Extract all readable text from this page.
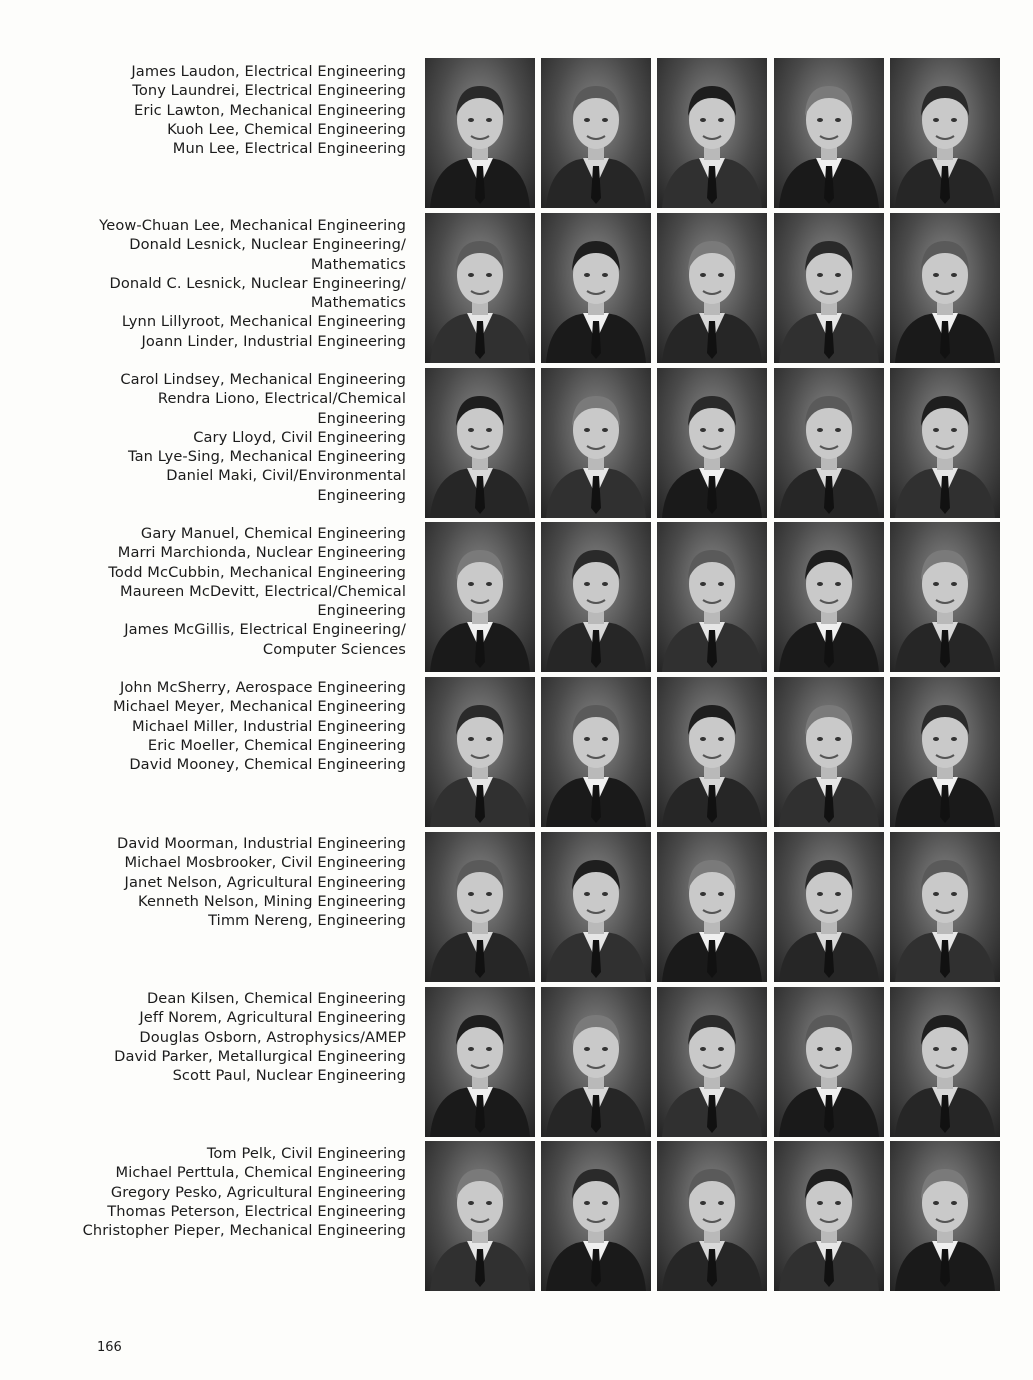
James Laudon, Electrical Engineering
Tony Laundrei, Electrical Engineering
Eric Lawton, Mechanical Engineering
Kuoh Lee, Chemical Engineering
Mun Lee, Electrical Engineering
Yeow-Chuan Lee, Mechanical Engineering
Donald Lesnick, Nuclear Engineering/
Mathematics
Donald C. Lesnick, Nuclear Engineering/
Mathematics
Lynn Lillyroot, Mechanical Engineering
Joann Linder, Industrial Engineering
Carol Lindsey, Mechanical Engineering
Rendra Liono, Electrical/Chemical
Engineering
Cary Lloyd, Civil Engineering
Tan Lye-Sing, Mechanical Engineering
Daniel Maki, Civil/Environmental
Engineering
Gary Manuel, Chemical Engineering
Marri Marchionda, Nuclear Engineering
Todd McCubbin, Mechanical Engineering
Maureen McDevitt, Electrical/Chemical
Engineering
James McGillis, Electrical Engineering/
Computer Sciences
John McSherry, Aerospace Engineering
Michael Meyer, Mechanical Engineering
Michael Miller, Industrial Engineering
Eric Moeller, Chemical Engineering
David Mooney, Chemical Engineering
David Moorman, Industrial Engineering
Michael Mosbrooker, Civil Engineering
Janet Nelson, Agricultural Engineering
Kenneth Nelson, Mining Engineering
Timm Nereng, Engineering
Dean Kilsen, Chemical Engineering
Jeff Norem, Agricultural Engineering
Douglas Osborn, Astrophysics/AMEP
David Parker, Metallurgical Engineering
Scott Paul, Nuclear Engineering
Tom Pelk, Civil Engineering
Michael Perttula, Chemical Engineering
Gregory Pesko, Agricultural Engineering
Thomas Peterson, Electrical Engineering
Christopher Pieper, Mechanical Engineering
166
